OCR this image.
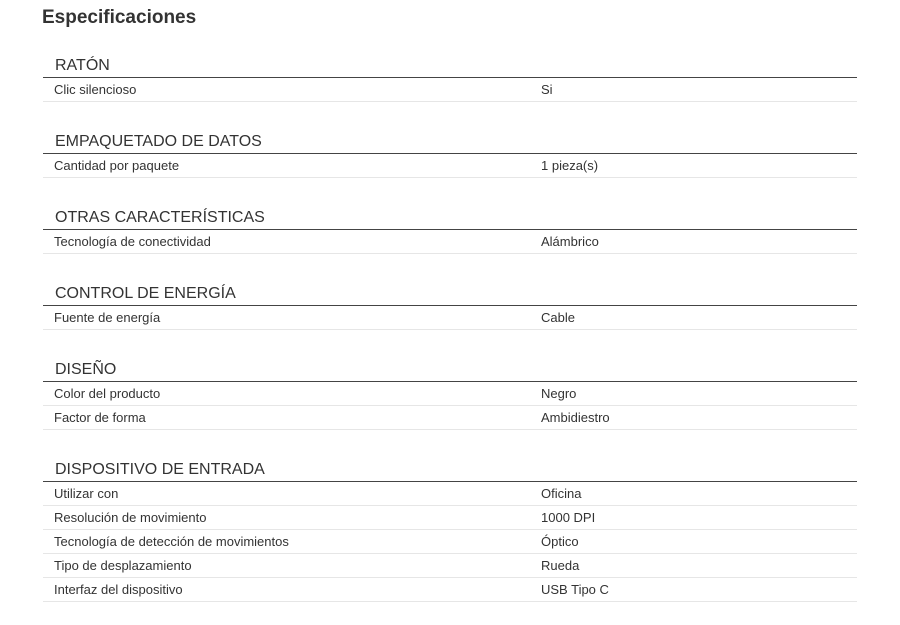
Especificaciones
RATÓN
Clic silencioso	Si
EMPAQUETADO DE DATOS
Cantidad por paquete	1 pieza(s)
OTRAS CARACTERÍSTICAS
Tecnología de conectividad	Alámbrico
CONTROL DE ENERGÍA
Fuente de energía	Cable
DISEÑO
Color del producto	Negro
Factor de forma	Ambidiestro
DISPOSITIVO DE ENTRADA
Utilizar con	Oficina
Resolución de movimiento	1000 DPI
Tecnología de detección de movimientos	Óptico
Tipo de desplazamiento	Rueda
Interfaz del dispositivo	USB Tipo C
